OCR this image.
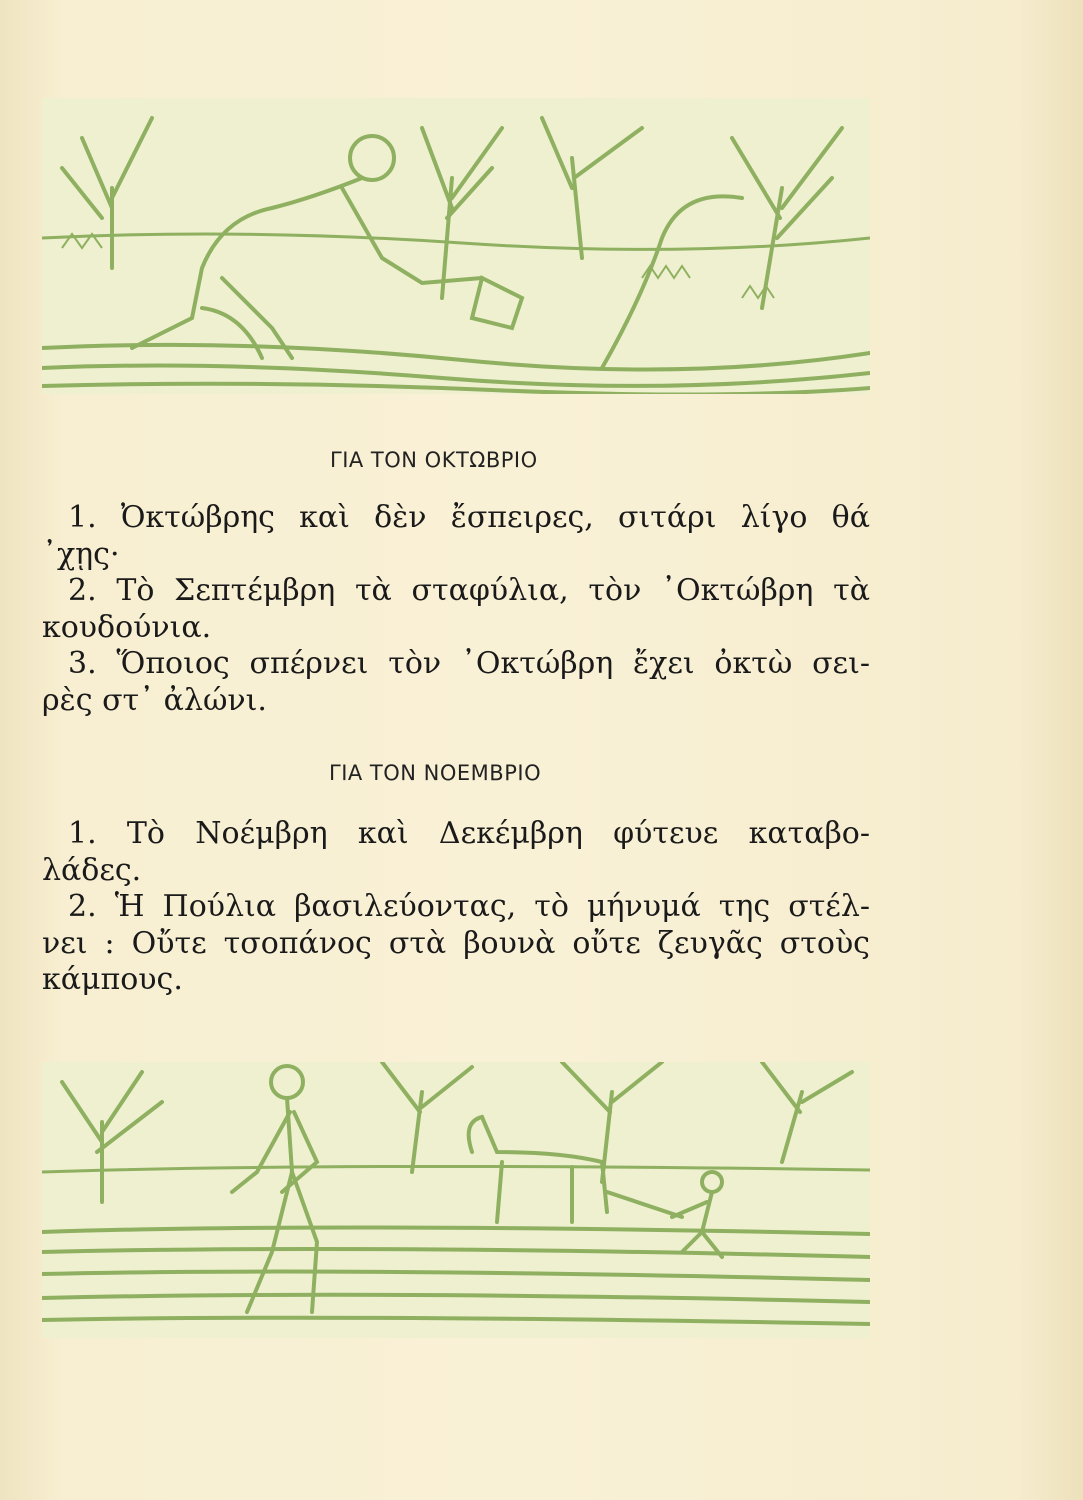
ΓΙΑ ΤΟΝ ΟΚΤΩΒΡΙΟ
1. Ὀκτώβρης καὶ δὲν ἔσπειρες, σιτάρι λίγο θά
᾽χῃς·
2. Τὸ Σεπτέμβρη τὰ σταφύλια, τὸν ᾽Οκτώβρη τὰ
κουδούνια.
3. Ὅποιος σπέρνει τὸν ᾽Οκτώβρη ἔχει ὀκτὼ σει-
ρὲς στ᾽ ἀλώνι.
ΓΙΑ ΤΟΝ ΝΟΕΜΒΡΙΟ
1. Τὸ Νοέμβρη καὶ Δεκέμβρη φύτευε καταβο-
λάδες.
2. Ἡ Πούλια βασιλεύοντας, τὸ μήνυμά της στέλ-
νει : Οὔτε τσοπάνος στὰ βουνὰ οὔτε ζευγᾶς στοὺς
κάμπους.
